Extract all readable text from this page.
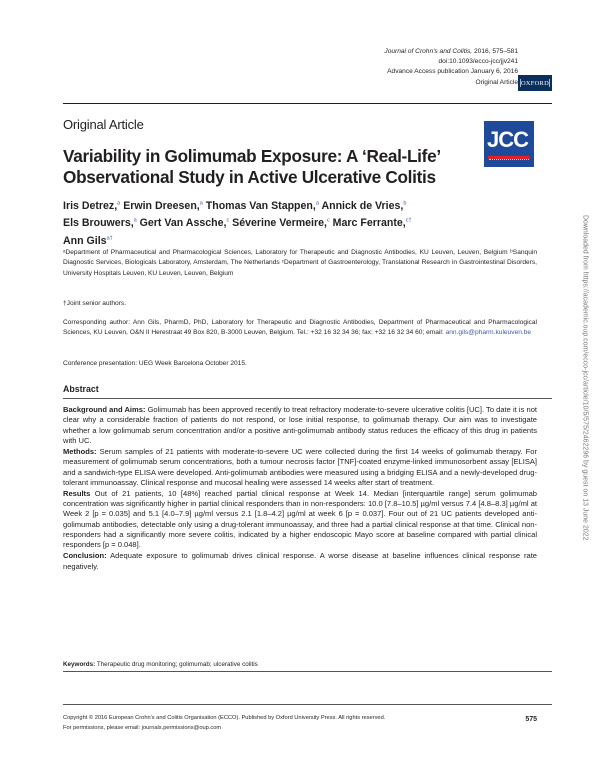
Journal of Crohn's and Colitis, 2016, 575–581
doi:10.1093/ecco-jcc/jjv241
Advance Access publication January 6, 2016
Original Article OXFORD
Original Article
Variability in Golimumab Exposure: A ‘Real-Life’ Observational Study in Active Ulcerative Colitis
JCC
Iris Detrez,$^a$ Erwin Dreesen,$^a$ Thomas Van Stappen,$^a$ Annick de Vries,$^b$
Els Brouwers,$^a$ Gert Van Assche,$^c$ Séverine Vermeire,$^c$ Marc Ferrante,$^{c\dagger}$
Ann Gils$^{a\dagger}$
ᵃDepartment of Pharmaceutical and Pharmacological Sciences, Laboratory for Therapeutic and Diagnostic Antibodies, KU Leuven, Leuven, Belgium ᵇSanquin Diagnostic Services, Biologicals Laboratory, Amsterdam, The Netherlands ᶜDepartment of Gastroenterology, Translational Research in Gastrointestinal Disorders, University Hospitals Leuven, KU Leuven, Leuven, Belgium
†Joint senior authors.
Corresponding author: Ann Gils, PharmD, PhD, Laboratory for Therapeutic and Diagnostic Antibodies, Department of Pharmaceutical and Pharmacological Sciences, KU Leuven, O&N II Herestraat 49 Box 820, B-3000 Leuven, Belgium. Tel.: +32 16 32 34 36; fax: +32 16 32 34 60; email: ann.gils@pharm.kuleuven.be
Conference presentation: UEG Week Barcelona October 2015.
Abstract

Background and Aims: Golimumab has been approved recently to treat refractory moderate-to-severe ulcerative colitis [UC]. To date it is not clear why a considerable fraction of patients do not respond, or lose initial response, to golimumab therapy. Our aim was to investigate whether a low golimumab serum concentration and/or a positive anti-golimumab antibody status reduces the efficacy of this drug in patients with UC.

Methods: Serum samples of 21 patients with moderate-to-severe UC were collected during the first 14 weeks of golimumab therapy. For measurement of golimumab serum concentrations, both a tumour necrosis factor [TNF]-coated enzyme-linked immunosorbent assay [ELISA] and a sandwich-type ELISA were developed. Anti-golimumab antibodies were measured using a bridging ELISA and a newly-developed drug-tolerant immunoassay. Clinical response and mucosal healing were assessed 14 weeks after start of treatment.

Results Out of 21 patients, 10 [48%] reached partial clinical response at Week 14. Median [interquartile range] serum golimumab concentration was significantly higher in partial clinical responders than in non-responders: 10.0 [7.8–10.5] µg/ml versus 7.4 [4.8–8.3] µg/ml at Week 2 [p = 0.035] and 5.1 [4.0–7.9] µg/ml versus 2.1 [1.8–4.2] µg/ml at week 6 [p = 0.037]. Four out of 21 UC patients developed anti-golimumab antibodies, detectable only using a drug-tolerant immunoassay, and three had a partial clinical response at that time. Clinical non-responders had a significantly more severe colitis, indicated by a higher endoscopic Mayo score at baseline compared with partial clinical responders [p = 0.048].

Conclusion: Adequate exposure to golimumab drives clinical response. A worse disease at baseline influences clinical response rate negatively.

Keywords: Therapeutic drug monitoring; golimumab; ulcerative colitis
Copyright © 2016 European Crohn's and Colitis Organisation (ECCO). Published by Oxford University Press. All rights reserved.
For permissions, please email: journals.permissions@oup.com
575
Downloaded from https://academic.oup.com/ecco-jcc/article/10/5/575/2462296 by guest on 13 June 2022
